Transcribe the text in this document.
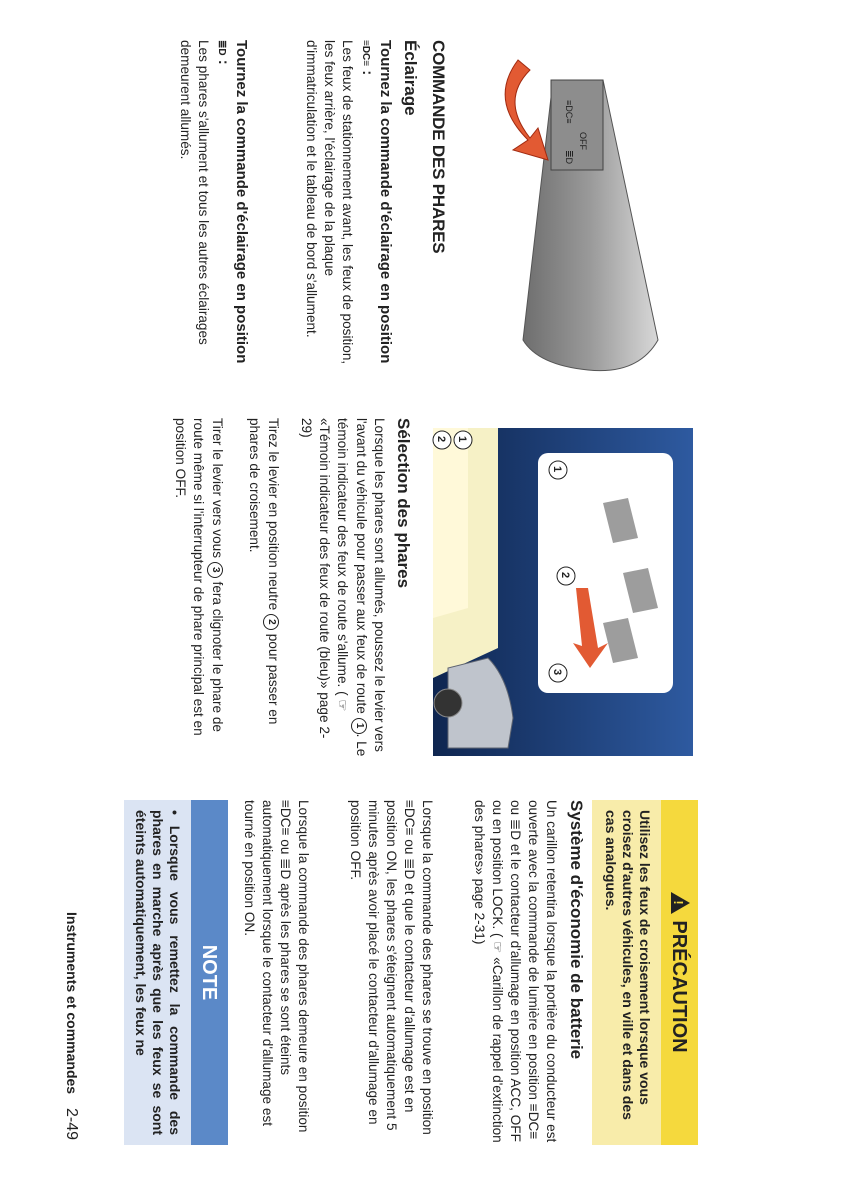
OFF
≡DC≡
≣D
1
2
3
1
2
COMMANDE DES PHARES
Éclairage

Tournez la commande d'éclairage en position ≡DC≡ :

Les feux de stationnement avant, les feux de position, les feux arrière, l'éclairage de la plaque d'immatriculation et le tableau de bord s'allument.

Tournez la commande d'éclairage en position ≣D :

Les phares s'allument et tous les autres éclairages demeurent allumés.

Sélection des phares

Lorsque les phares sont allumés, poussez le levier vers l'avant du véhicule pour passer aux feux de route 1. Le témoin indicateur des feux de route s'allume. ( ☞ «Témoin indicateur des feux de route (bleu)» page 2-29)

Tirez le levier en position neutre 2 pour passer en phares de croisement.

Tirer le levier vers vous 3 fera clignoter le phare de route même si l'interrupteur de phare principal est en position OFF.

!
PRÉCAUTION
Utilisez les feux de croisement lorsque vous croisez d'autres véhicules, en ville et dans des cas analogues.
Système d'économie de batterie

Un carillon retentira lorsque la portière du conducteur est ouverte avec la commande de lumière en position ≡DC≡ ou ≣D et le contacteur d'allumage en position ACC, OFF ou en position LOCK. ( ☞ «Carillon de rappel d'extinction des phares» page 2-31)

Lorsque la commande des phares se trouve en position ≡DC≡ ou ≣D et que le contacteur d'allumage est en position ON, les phares s'éteignent automatiquement 5 minutes après avoir placé le contacteur d'allumage en position OFF.

Lorsque la commande des phares demeure en position ≡DC≡ ou ≣D après les phares se sont éteints automatiquement lorsque le contacteur d'allumage est tourné en position ON.

NOTE
• Lorsque vous remettez la commande des phares en marche après que les feux se sont éteints automatiquement, les feux ne
Instruments et commandes 2-49
